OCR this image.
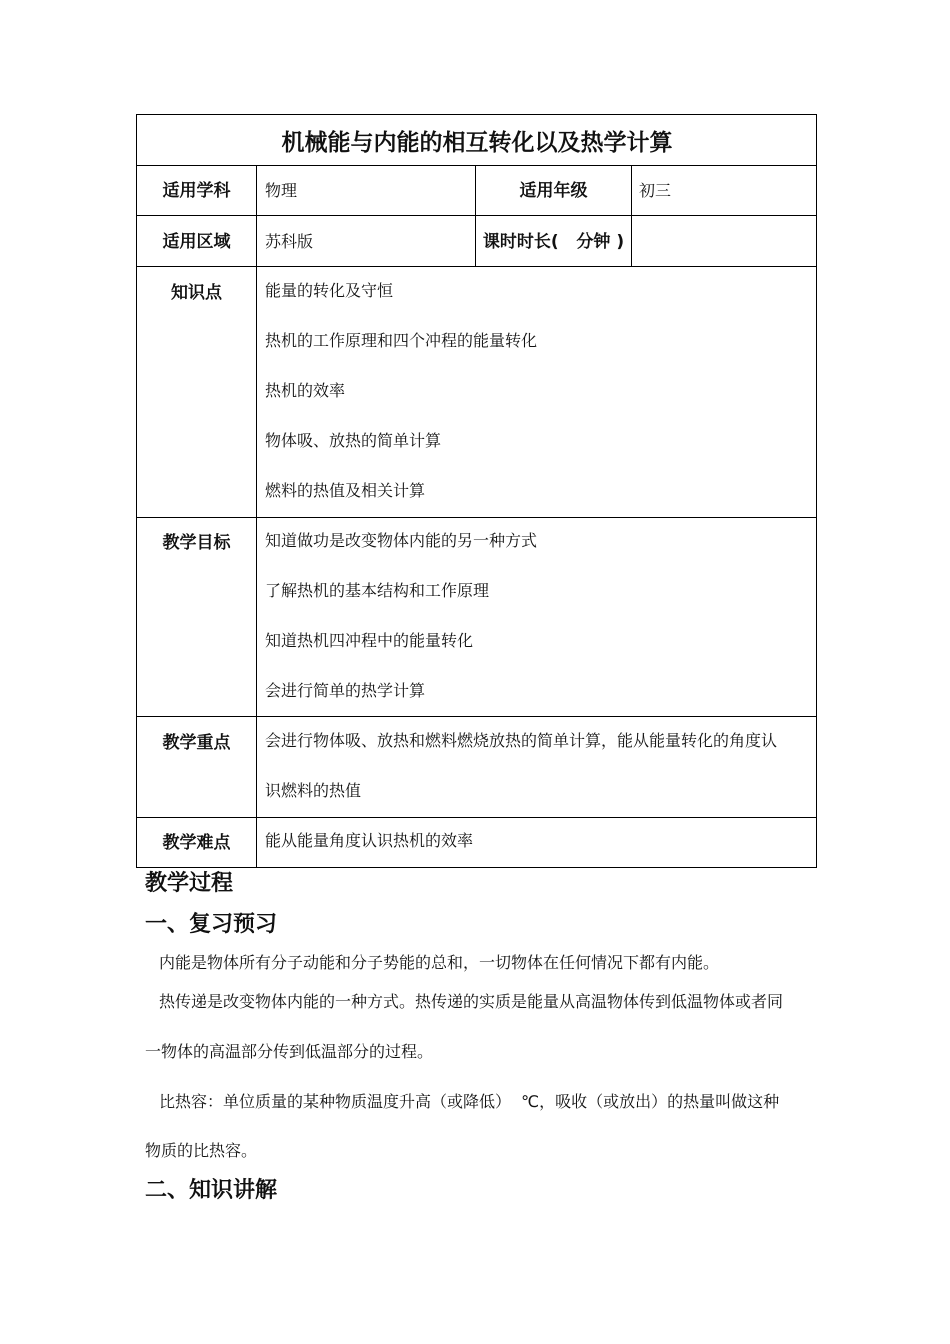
机械能与内能的相互转化以及热学计算
适用学科	物理	适用年级	初三
适用区域	苏科版	课时时长(   分钟 )
知识点	能量的转化及守恒
热机的工作原理和四个冲程的能量转化
热机的效率
物体吸、放热的简单计算
燃料的热值及相关计算
教学目标	知道做功是改变物体内能的另一种方式
了解热机的基本结构和工作原理
知道热机四冲程中的能量转化
会进行简单的热学计算
教学重点	会进行物体吸、放热和燃料燃烧放热的简单计算，能从能量转化的角度认
识燃料的热值
教学难点	能从能量角度认识热机的效率
教学过程
一、复习预习
内能是物体所有分子动能和分子势能的总和，一切物体在任何情况下都有内能。
热传递是改变物体内能的一种方式。热传递的实质是能量从高温物体传到低温物体或者同
一物体的高温部分传到低温部分的过程。
比热容：单位质量的某种物质温度升高（或降低）  ℃，吸收（或放出）的热量叫做这种
物质的比热容。
二、知识讲解
